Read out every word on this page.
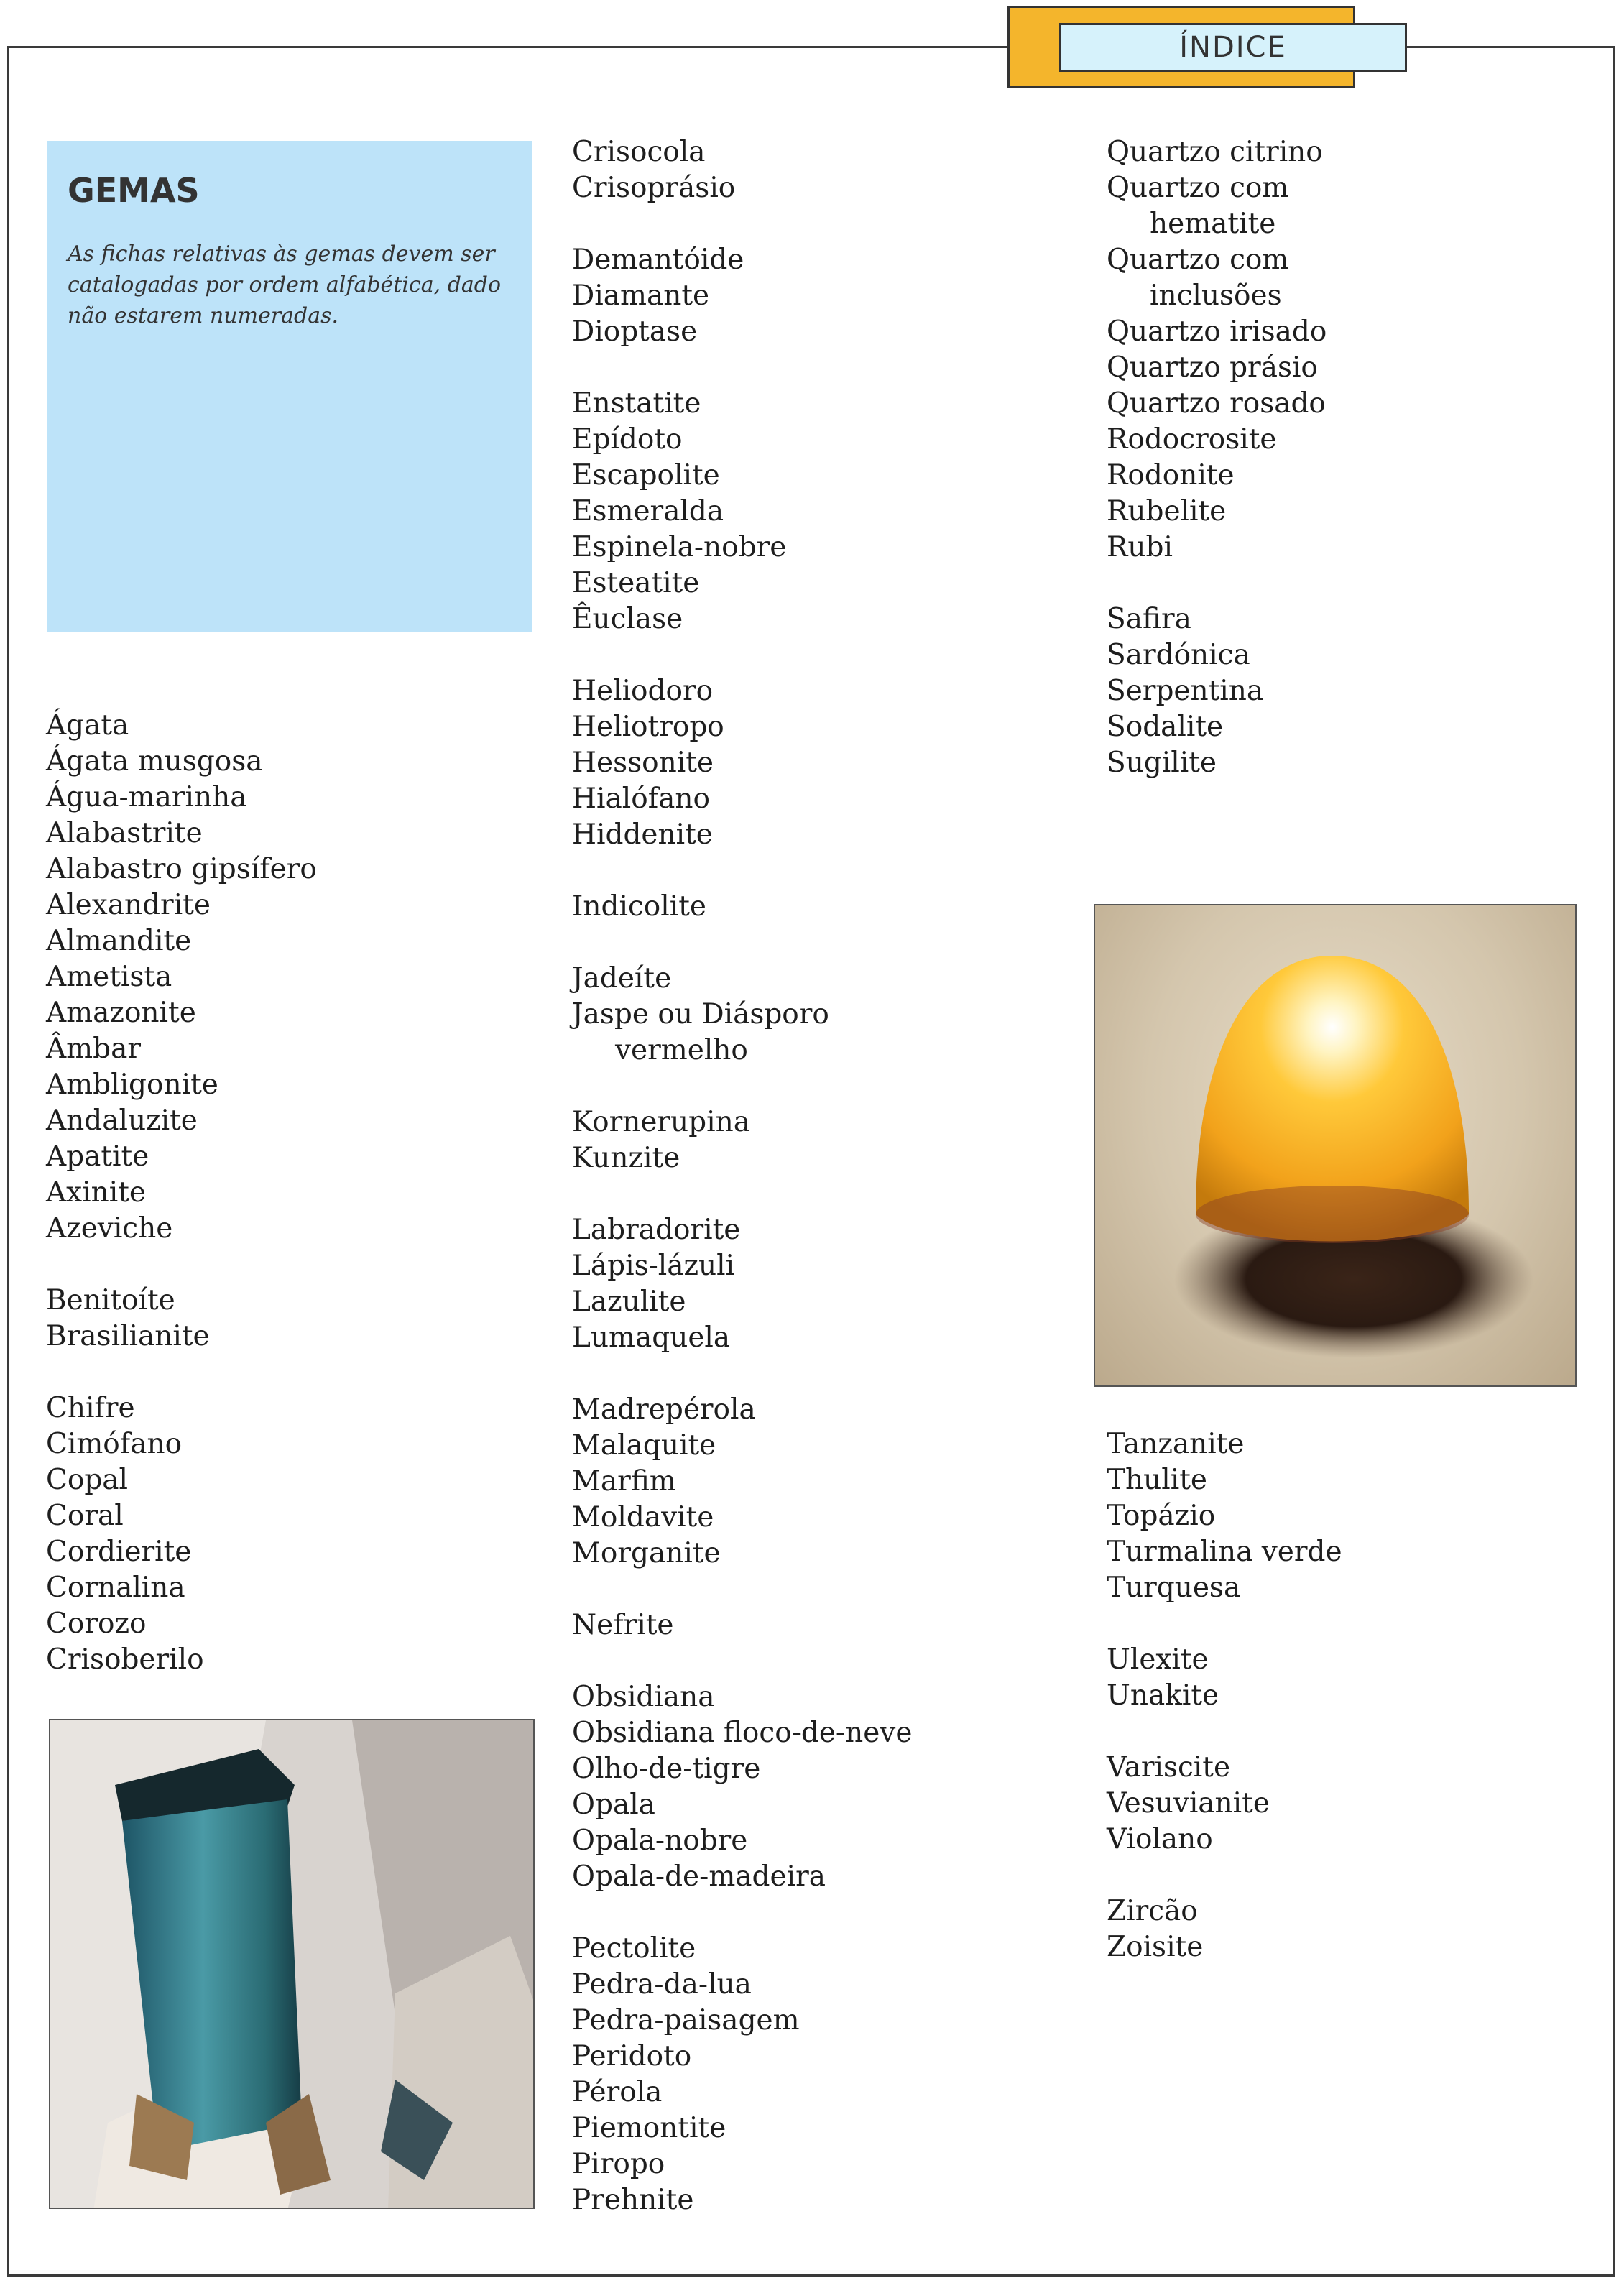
ÍNDICE
GEMAS
As fichas relativas às gemas devem ser catalogadas por ordem alfabética, dado não estarem numeradas.
Ágata
Ágata musgosa
Água-marinha
Alabastrite
Alabastro gipsífero
Alexandrite
Almandite
Ametista
Amazonite
Âmbar
Ambligonite
Andaluzite
Apatite
Axinite
Azeviche
Benitoíte
Brasilianite
Chifre
Cimófano
Copal
Coral
Cordierite
Cornalina
Corozo
Crisoberilo
Crisocola
Crisoprásio
Demantóide
Diamante
Dioptase
Enstatite
Epídoto
Escapolite
Esmeralda
Espinela-nobre
Esteatite
Êuclase
Heliodoro
Heliotropo
Hessonite
Hialófano
Hiddenite
Indicolite
Jadeíte
Jaspe ou Diásporo
vermelho
Kornerupina
Kunzite
Labradorite
Lápis-lázuli
Lazulite
Lumaquela
Madrepérola
Malaquite
Marfim
Moldavite
Morganite
Nefrite
Obsidiana
Obsidiana floco-de-neve
Olho-de-tigre
Opala
Opala-nobre
Opala-de-madeira
Pectolite
Pedra-da-lua
Pedra-paisagem
Peridoto
Pérola
Piemontite
Piropo
Prehnite
Quartzo citrino
Quartzo com
hematite
Quartzo com
inclusões
Quartzo irisado
Quartzo prásio
Quartzo rosado
Rodocrosite
Rodonite
Rubelite
Rubi
Safira
Sardónica
Serpentina
Sodalite
Sugilite
Tanzanite
Thulite
Topázio
Turmalina verde
Turquesa
Ulexite
Unakite
Variscite
Vesuvianite
Violano
Zircão
Zoisite
